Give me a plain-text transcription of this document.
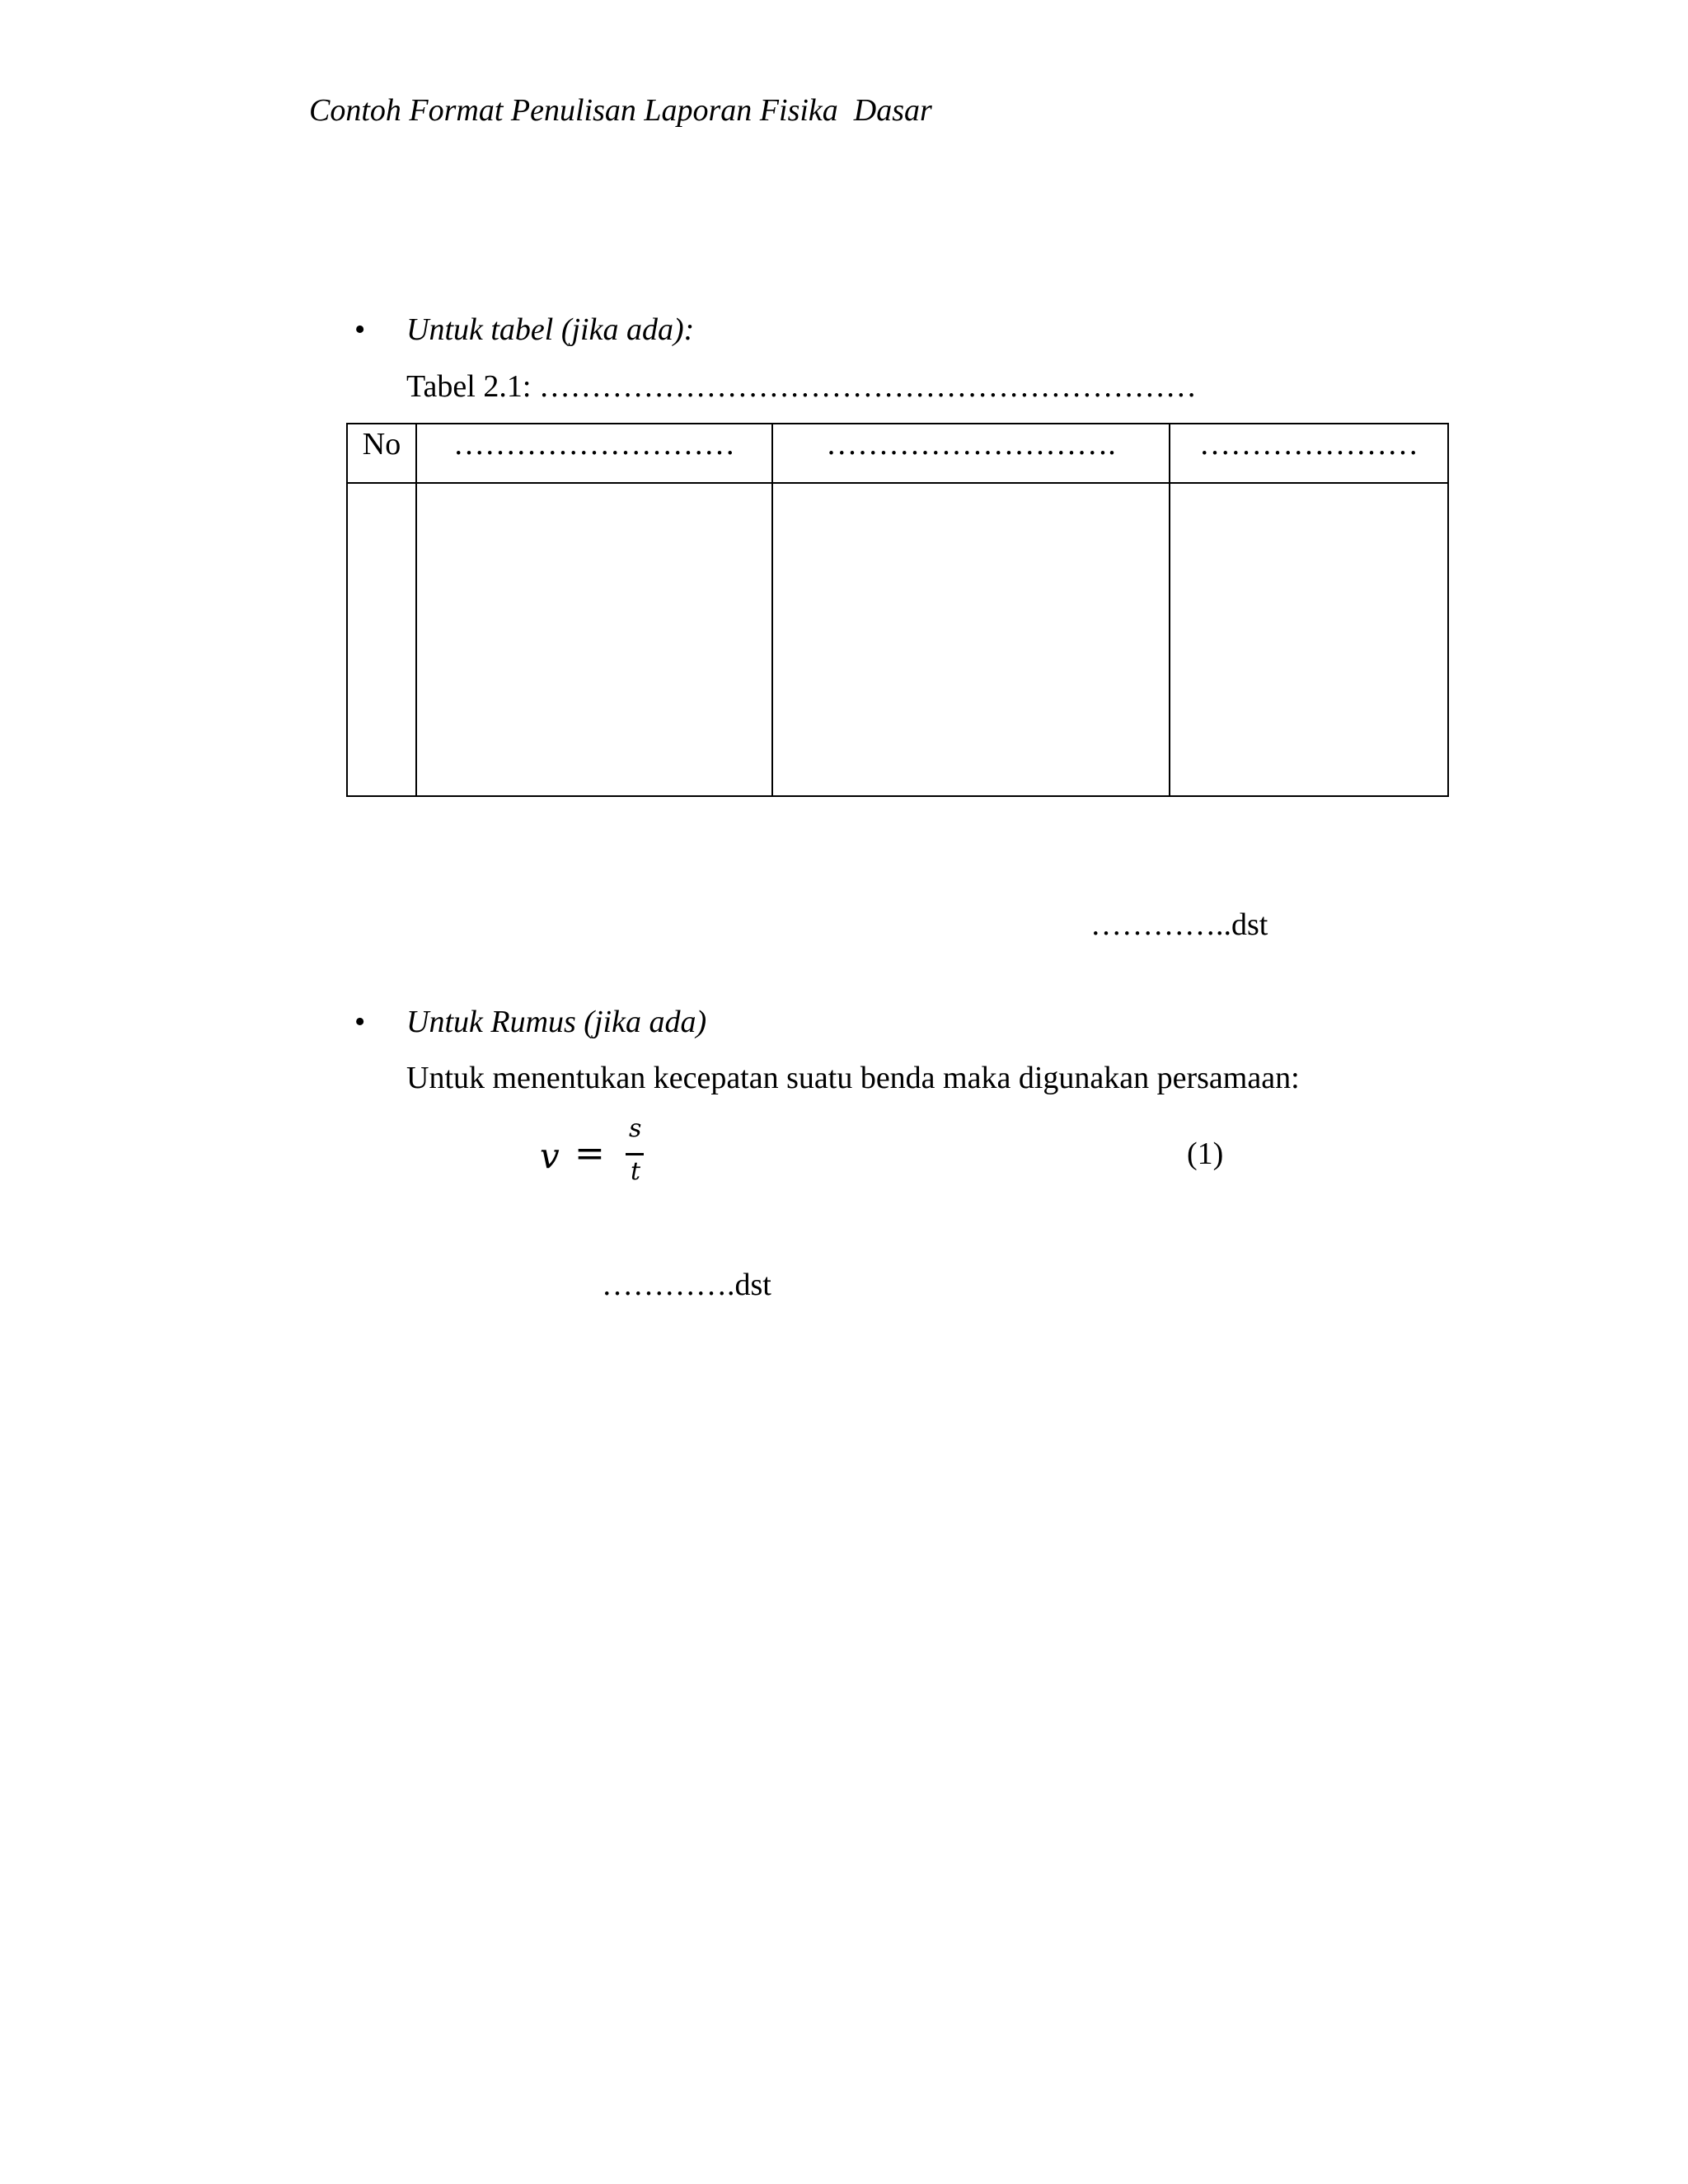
Contoh Format Penulisan Laporan Fisika  Dasar
• Untuk tabel (jika ada):
Tabel 2.1: ………………………………………………………
No	………………………	……………………….	…………………

…………..dst
• Untuk Rumus (jika ada)
Untuk menentukan kecepatan suatu benda maka digunakan persamaan:
v =
s
t
(1)
………….dst
